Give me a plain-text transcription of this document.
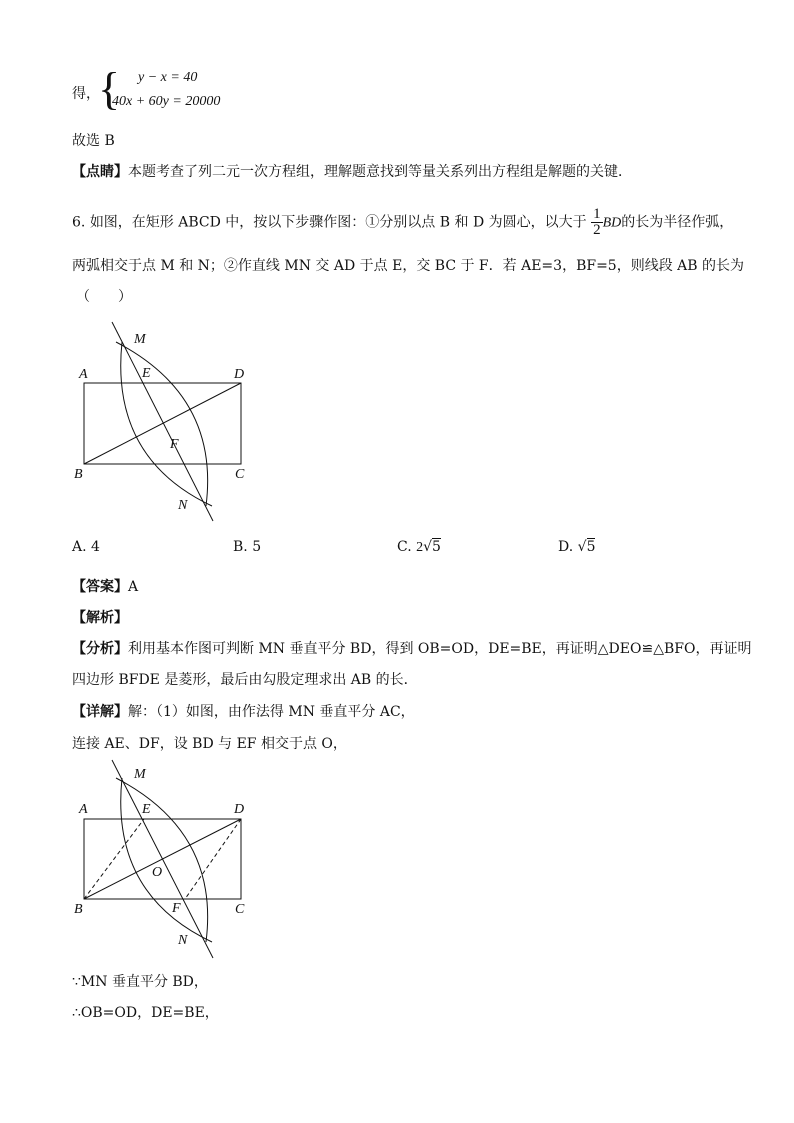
得，
{ y − x = 40
40x + 60y = 20000
故选 B
【点睛】本题考查了列二元一次方程组，理解题意找到等量关系列出方程组是解题的关键．
6. 如图，在矩形 ABCD 中，按以下步骤作图：①分别以点 B 和 D 为圆心，以大于 $\frac{1}{2}$ BD的长为半径作弧，
两弧相交于点 M 和 N；②作直线 MN 交 AD 于点 E，交 BC 于 F．若 AE=3，BF=5，则线段 AB 的长为
（　　）
M
E
A	D
B
F
C
N
A. 4	B. 5	C. 2√5	D. √5
【答案】A
【解析】
【分析】利用基本作图可判断 MN 垂直平分 BD，得到 OB=OD，DE=BE，再证明△DEO≌△BFO，再证明
四边形 BFDE 是菱形，最后由勾股定理求出 AB 的长．
【详解】解：（1）如图，由作法得 MN 垂直平分 AC，
连接 AE、DF，设 BD 与 EF 相交于点 O，
M
E
A	D
O
B	F	C
N
∵MN 垂直平分 BD，
∴OB=OD，DE=BE，
